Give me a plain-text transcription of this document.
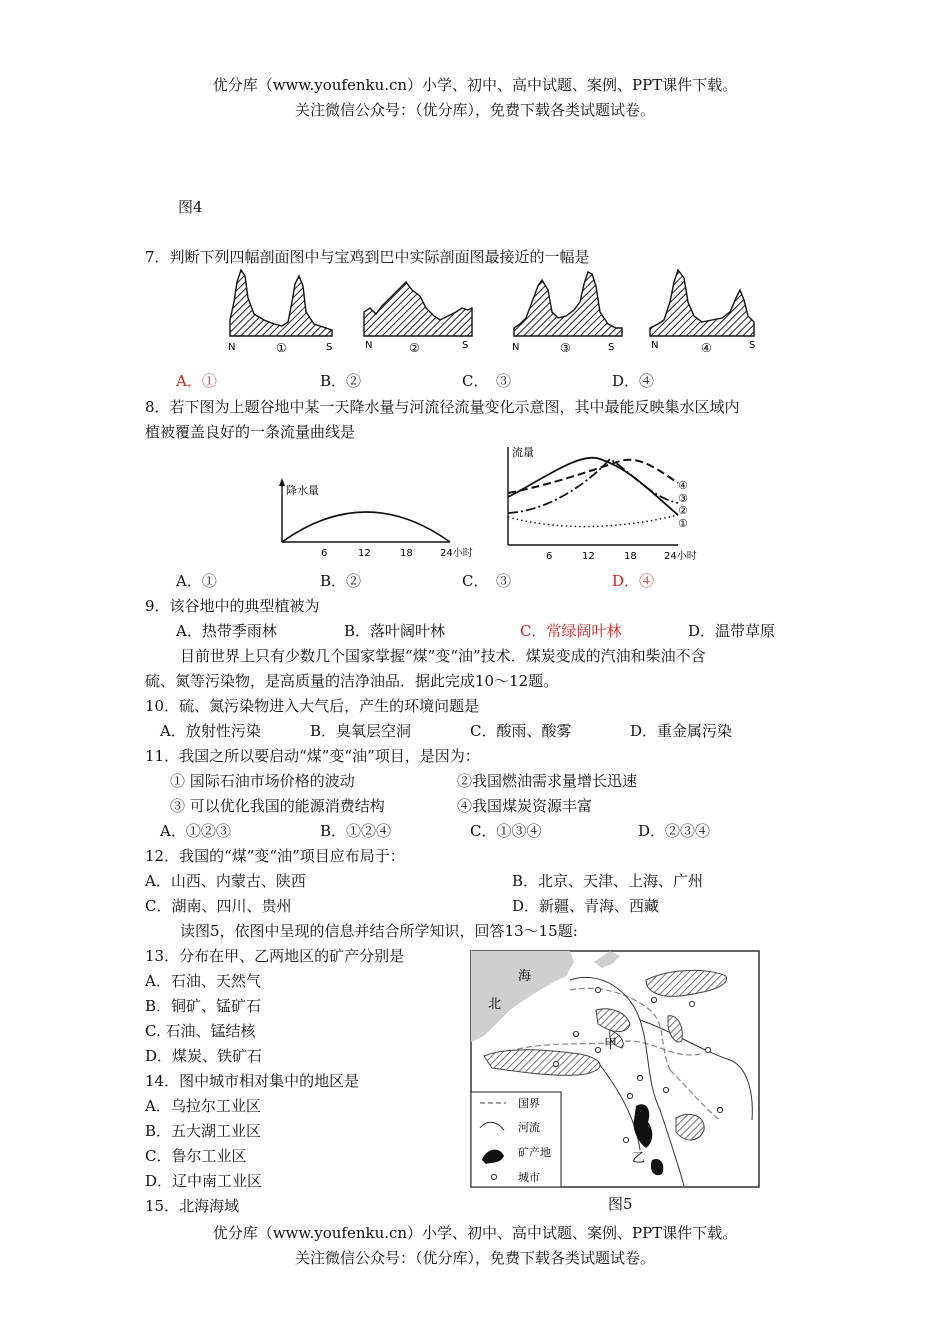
优分库（www.youfenku.cn）小学、初中、高中试题、案例、PPT课件下载。
关注微信公众号：（优分库），免费下载各类试题试卷。
图4
7．判断下列四幅剖面图中与宝鸡到巴中实际剖面图最接近的一幅是
N	①	S	N	②	S	N	③	S	N	④	S
A．①	B．②	C．　③	D．④
8．若下图为上题谷地中某一天降水量与河流径流量变化示意图，其中最能反映集水区域内
植被覆盖良好的一条流量曲线是
降水量
6	12	18	24小时
流量
④
③
②
①
6	12	18	24小时
A．①	B．②	C．　③	D．④
9．该谷地中的典型植被为
A．热带季雨林	B．落叶阔叶林	C．常绿阔叶林	D．温带草原
目前世界上只有少数几个国家掌握“煤”变“油”技术．煤炭变成的汽油和柴油不含
硫、氮等污染物，是高质量的洁净油品．据此完成10～12题。
10．硫、氮污染物进入大气后，产生的环境问题是
A．放射性污染	B．臭氧层空洞	C．酸雨、酸雾	D．重金属污染
11．我国之所以要启动“煤”变“油”项目，是因为：
① 国际石油市场价格的波动	②我国燃油需求量增长迅速
③ 可以优化我国的能源消费结构	④我国煤炭资源丰富
A．①②③	B．①②④	C．①③④	D．②③④
12．我国的“煤”变“油”项目应布局于：
A．山西、内蒙古、陕西	B．北京、天津、上海、广州
C．湖南、四川、贵州	D．新疆、青海、西藏
读图5，依图中呈现的信息并结合所学知识，回答13～15题:
13．分布在甲、乙两地区的矿产分别是
A．石油、天然气
B．铜矿、锰矿石
C. 石油、锰结核
D．煤炭、铁矿石
14．图中城市相对集中的地区是
A．乌拉尔工业区
B．五大湖工业区
C．鲁尔工业区
D．辽中南工业区
15．北海海域
海
北
甲
乙
国界
河流
矿产地
城市
图5
优分库（www.youfenku.cn）小学、初中、高中试题、案例、PPT课件下载。
关注微信公众号：（优分库），免费下载各类试题试卷。
